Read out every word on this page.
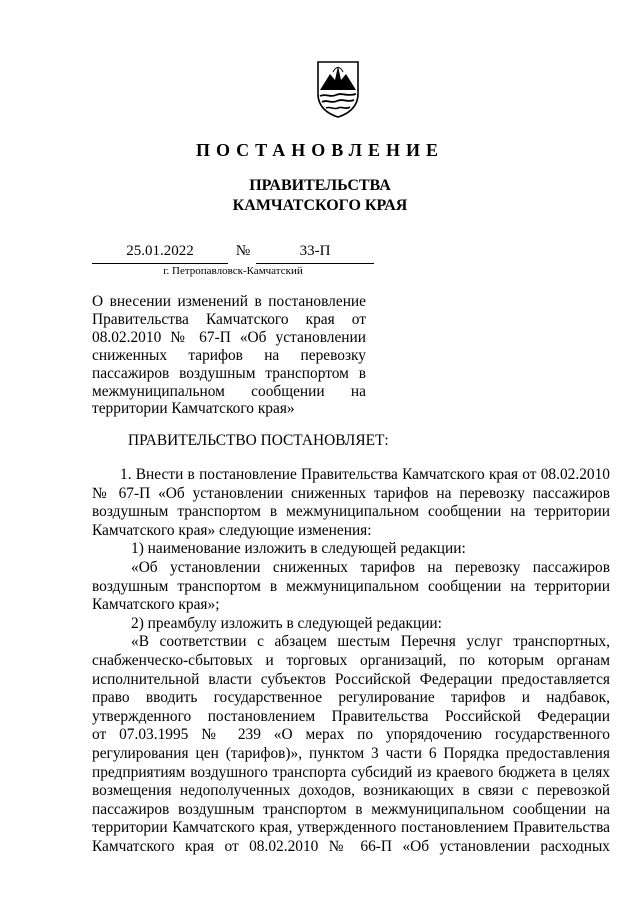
ПОСТАНОВЛЕНИЕ
ПРАВИТЕЛЬСТВА
КАМЧАТСКОГО КРАЯ
25.01.2022	№	33-П
г. Петропавловск-Камчатский
О внесении изменений в постановление
Правительства Камчатского края от
08.02.2010 № 67-П «Об установлении
сниженных тарифов на перевозку
пассажиров воздушным транспортом в
межмуниципальном сообщении на
территории Камчатского края»
ПРАВИТЕЛЬСТВО ПОСТАНОВЛЯЕТ:
1. Внести в постановление Правительства Камчатского края от 08.02.2010
№ 67-П «Об установлении сниженных тарифов на перевозку пассажиров
воздушным транспортом в межмуниципальном сообщении на территории
Камчатского края» следующие изменения:
1) наименование изложить в следующей редакции:
«Об установлении сниженных тарифов на перевозку пассажиров
воздушным транспортом в межмуниципальном сообщении на территории
Камчатского края»;
2) преамбулу изложить в следующей редакции:
«В соответствии с абзацем шестым Перечня услуг транспортных,
снабженческо-сбытовых и торговых организаций, по которым органам
исполнительной власти субъектов Российской Федерации предоставляется
право вводить государственное регулирование тарифов и надбавок,
утвержденного постановлением Правительства Российской Федерации
от 07.03.1995 № 239 «О мерах по упорядочению государственного
регулирования цен (тарифов)», пунктом 3 части 6 Порядка предоставления
предприятиям воздушного транспорта субсидий из краевого бюджета в целях
возмещения недополученных доходов, возникающих в связи с перевозкой
пассажиров воздушным транспортом в межмуниципальном сообщении на
территории Камчатского края, утвержденного постановлением Правительства
Камчатского края от 08.02.2010 № 66-П «Об установлении расходных
